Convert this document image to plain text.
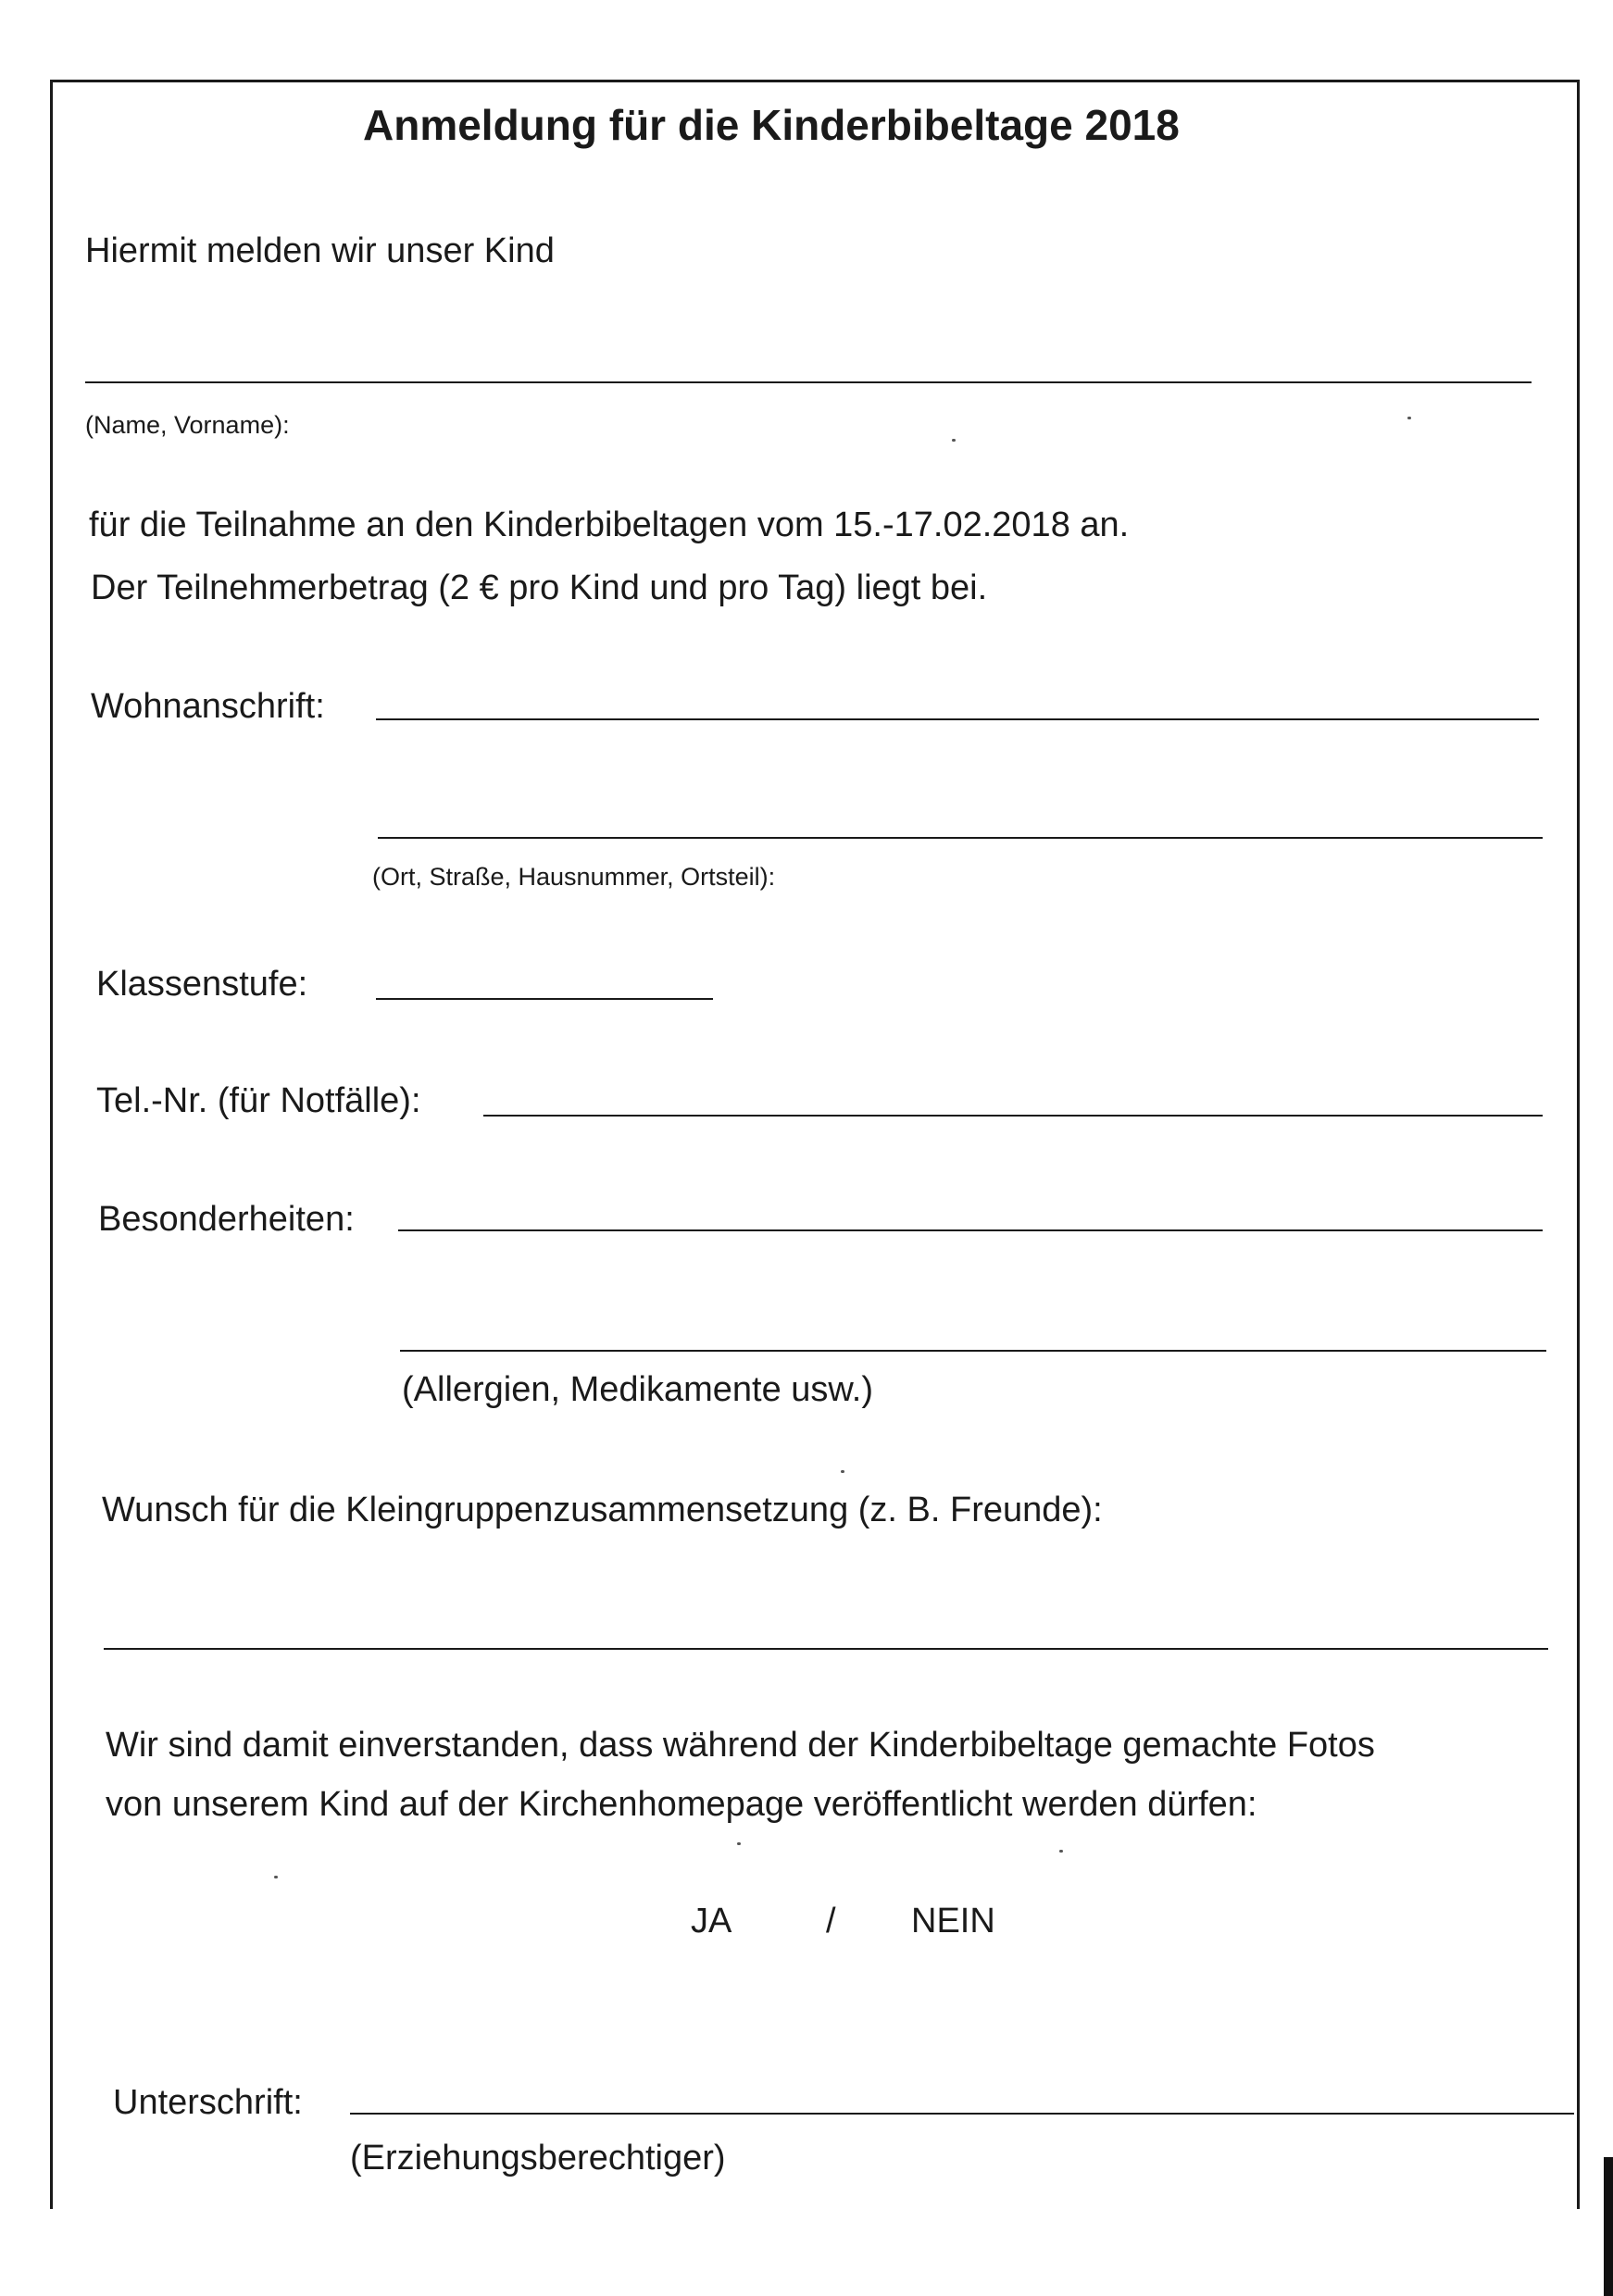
Anmeldung für die Kinderbibeltage 2018
Hiermit melden wir unser Kind
(Name, Vorname):
für die Teilnahme an den Kinderbibeltagen vom 15.-17.02.2018 an.
Der Teilnehmerbetrag (2 € pro Kind und pro Tag) liegt bei.
Wohnanschrift:
(Ort, Straße, Hausnummer, Ortsteil):
Klassenstufe:
Tel.-Nr. (für Notfälle):
Besonderheiten:
(Allergien, Medikamente usw.)
Wunsch für die Kleingruppenzusammensetzung (z. B. Freunde):
Wir sind damit einverstanden, dass während der Kinderbibeltage gemachte Fotos
von unserem Kind auf der Kirchenhomepage veröffentlicht werden dürfen:
JA	/ NEIN
Unterschrift:
(Erziehungsberechtiger)
